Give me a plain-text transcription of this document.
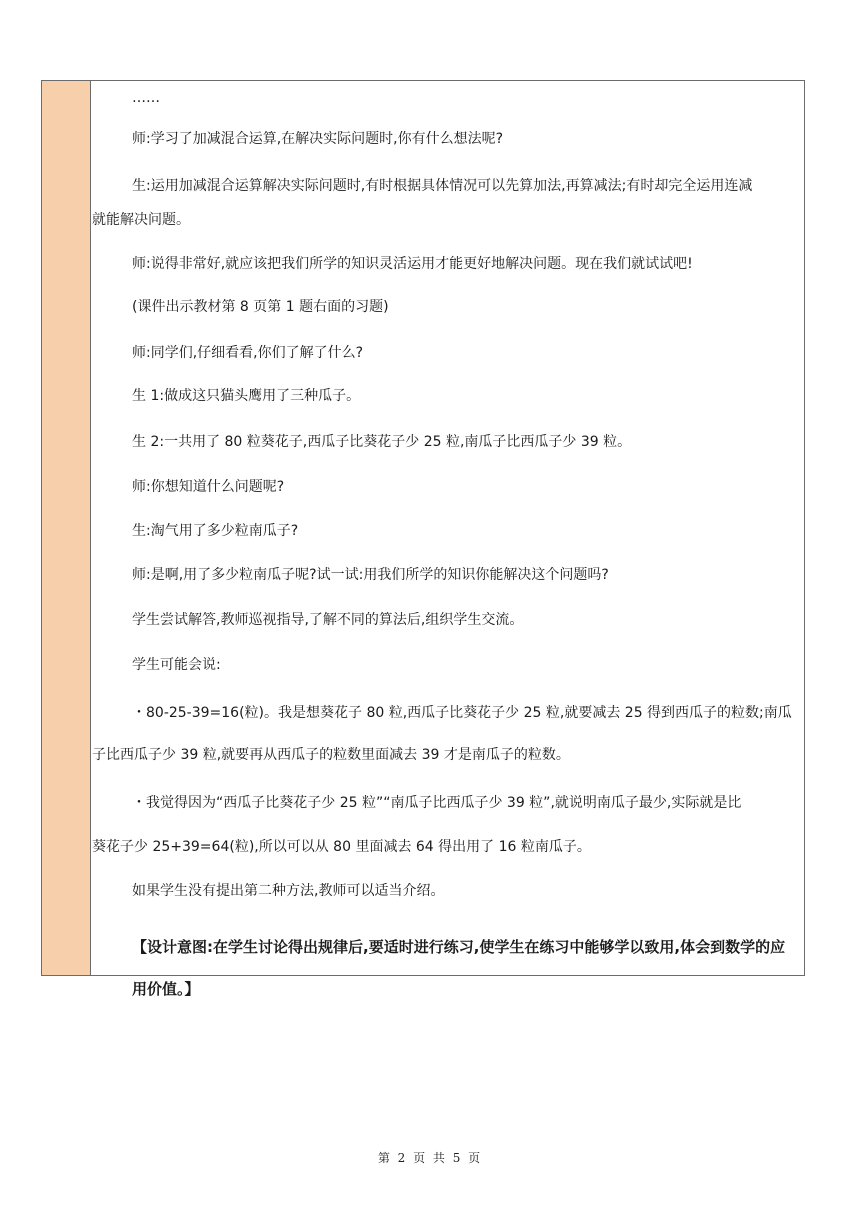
……
师:学习了加减混合运算,在解决实际问题时,你有什么想法呢?
生:运用加减混合运算解决实际问题时,有时根据具体情况可以先算加法,再算减法;有时却完全运用连减
就能解决问题。
师:说得非常好,就应该把我们所学的知识灵活运用才能更好地解决问题。现在我们就试试吧!
(课件出示教材第 8 页第 1 题右面的习题)
师:同学们,仔细看看,你们了解了什么?
生 1:做成这只猫头鹰用了三种瓜子。
生 2:一共用了 80 粒葵花子,西瓜子比葵花子少 25 粒,南瓜子比西瓜子少 39 粒。
师:你想知道什么问题呢?
生:淘气用了多少粒南瓜子?
师:是啊,用了多少粒南瓜子呢?试一试:用我们所学的知识你能解决这个问题吗?
学生尝试解答,教师巡视指导,了解不同的算法后,组织学生交流。
学生可能会说:
・80-25-39=16(粒)。我是想葵花子 80 粒,西瓜子比葵花子少 25 粒,就要减去 25 得到西瓜子的粒数;南瓜
子比西瓜子少 39 粒,就要再从西瓜子的粒数里面减去 39 才是南瓜子的粒数。
・我觉得因为“西瓜子比葵花子少 25 粒”“南瓜子比西瓜子少 39 粒”,就说明南瓜子最少,实际就是比
葵花子少 25+39=64(粒),所以可以从 80 里面减去 64 得出用了 16 粒南瓜子。
如果学生没有提出第二种方法,教师可以适当介绍。
【设计意图:在学生讨论得出规律后,要适时进行练习,使学生在练习中能够学以致用,体会到数学的应用价值。】
第 2 页 共 5 页
